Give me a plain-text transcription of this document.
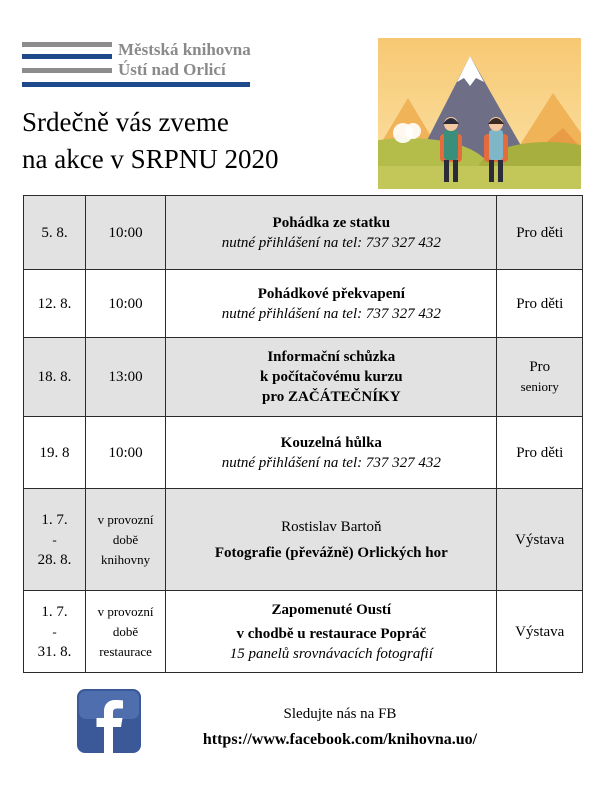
Městská knihovna
Ústí nad Orlicí
Srdečně vás zveme
na akce v SRPNU 2020
5. 8.	10:00	Pohádka ze statku
nutné přihlášení na tel: 737 327 432	Pro děti
12. 8.	10:00	Pohádkové překvapení
nutné přihlášení na tel: 737 327 432	Pro děti
18. 8.	13:00	Informační schůzka
k počítačovému kurzu
pro ZAČÁTEČNÍKY	Pro
seniory

19. 8	10:00	Kouzelná hůlka
nutné přihlášení na tel: 737 327 432	Pro děti

1. 7.
-
28. 8.	v provozní
době
knihovny	Rostislav Bartoň
Fotografie (převážně) Orlických hor	Výstava

1. 7.
-
31. 8.	v provozní
době
restaurace	Zapomenuté Oustí
v chodbě u restaurace Popráč
15 panelů srovnávacích fotografií	Výstava
Sledujte nás na FB
https://www.facebook.com/knihovna.uo/
